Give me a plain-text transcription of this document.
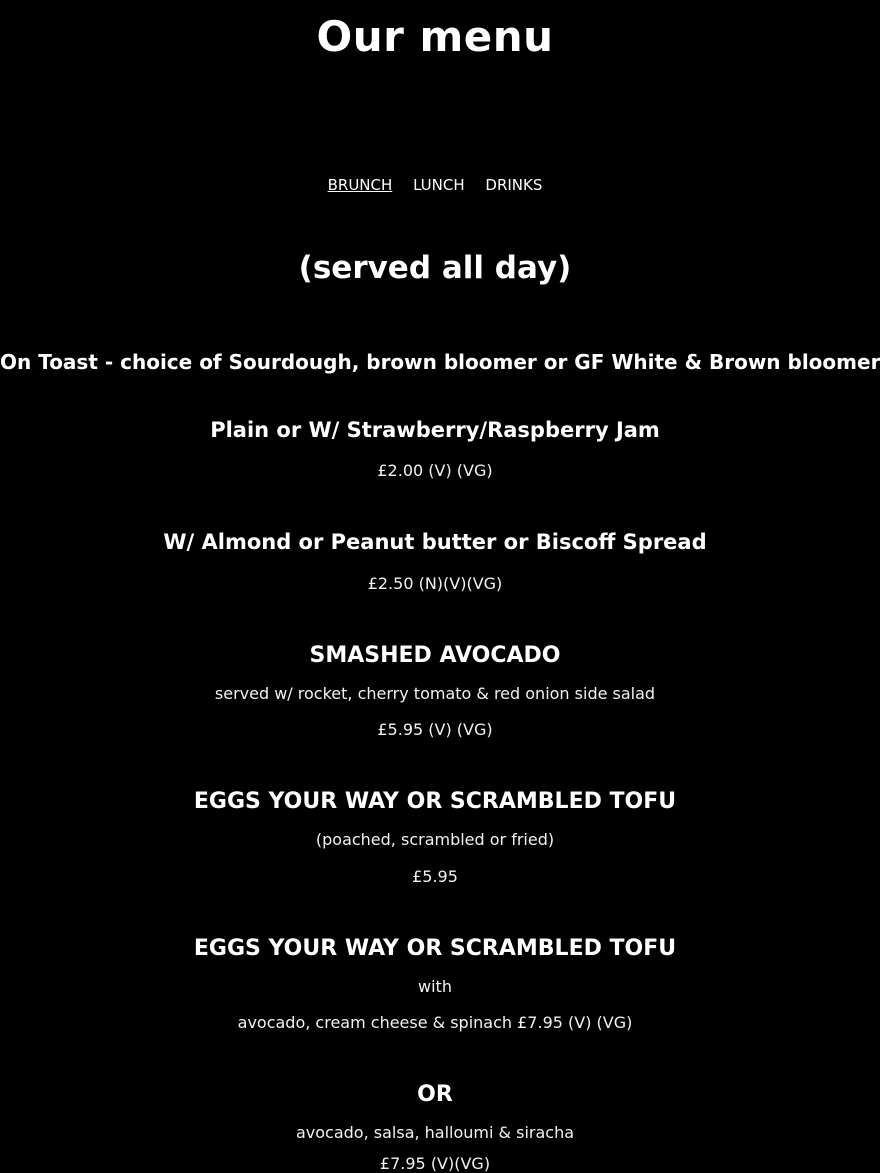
Our menu
BRUNCH LUNCH DRINKS
(served all day)
On Toast - choice of Sourdough, brown bloomer or GF White & Brown bloomer
Plain or W/ Strawberry/Raspberry Jam
£2.00 (V) (VG)
W/ Almond or Peanut butter or Biscoff Spread
£2.50 (N)(V)(VG)
SMASHED AVOCADO
served w/ rocket, cherry tomato & red onion side salad
£5.95 (V) (VG)
EGGS YOUR WAY OR SCRAMBLED TOFU
(poached, scrambled or fried)
£5.95
EGGS YOUR WAY OR SCRAMBLED TOFU
with
avocado, cream cheese & spinach £7.95 (V) (VG)
OR
avocado, salsa, halloumi & siracha
£7.95 (V)(VG)
